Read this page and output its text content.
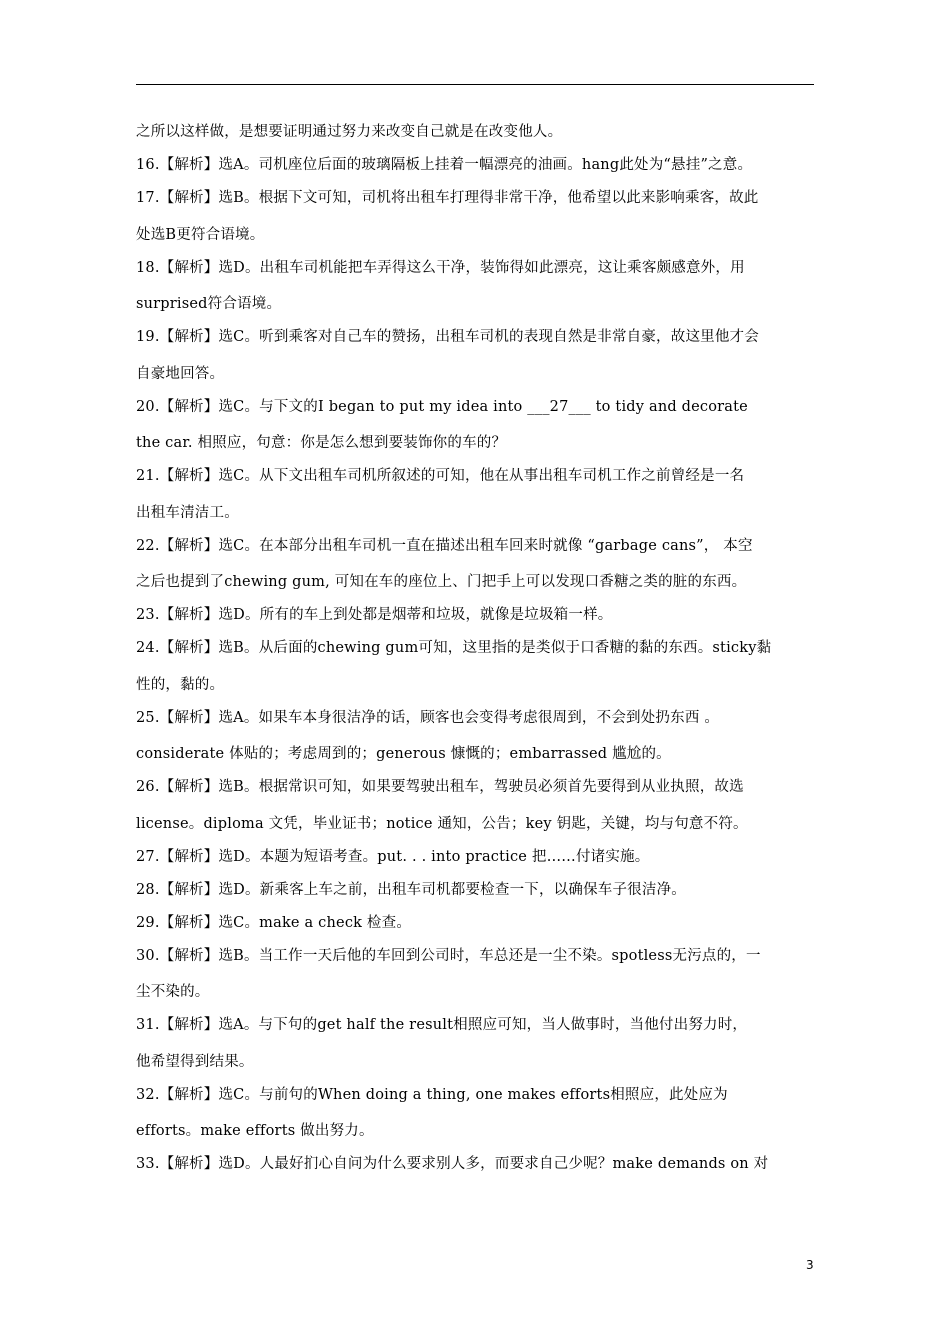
之所以这样做，是想要证明通过努力来改变自己就是在改变他人。
16.【解析】选A。司机座位后面的玻璃隔板上挂着一幅漂亮的油画。hang此处为“悬挂”之意。
17.【解析】选B。根据下文可知，司机将出租车打理得非常干净，他希望以此来影响乘客，故此
处选B更符合语境。
18.【解析】选D。出租车司机能把车弄得这么干净，装饰得如此漂亮，这让乘客颇感意外，用
surprised符合语境。
19.【解析】选C。听到乘客对自己车的赞扬，出租车司机的表现自然是非常自豪，故这里他才会
自豪地回答。
20.【解析】选C。与下文的I began to put my idea into ___27___ to tidy and decorate
the car. 相照应，句意：你是怎么想到要装饰你的车的？
21.【解析】选C。从下文出租车司机所叙述的可知，他在从事出租车司机工作之前曾经是一名
出租车清洁工。
22.【解析】选C。在本部分出租车司机一直在描述出租车回来时就像 “garbage cans”， 本空
之后也提到了chewing gum, 可知在车的座位上、门把手上可以发现口香糖之类的脏的东西。
23.【解析】选D。所有的车上到处都是烟蒂和垃圾，就像是垃圾箱一样。
24.【解析】选B。从后面的chewing gum可知，这里指的是类似于口香糖的黏的东西。sticky黏
性的，黏的。
25.【解析】选A。如果车本身很洁净的话，顾客也会变得考虑很周到，不会到处扔东西 。
considerate 体贴的；考虑周到的；generous 慷慨的；embarrassed 尴尬的。
26.【解析】选B。根据常识可知，如果要驾驶出租车，驾驶员必须首先要得到从业执照，故选
license。diploma 文凭，毕业证书；notice 通知，公告；key 钥匙，关键，均与句意不符。
27.【解析】选D。本题为短语考查。put. . . into practice 把……付诸实施。
28.【解析】选D。新乘客上车之前，出租车司机都要检查一下，以确保车子很洁净。
29.【解析】选C。make a check 检查。
30.【解析】选B。当工作一天后他的车回到公司时，车总还是一尘不染。spotless无污点的，一
尘不染的。
31.【解析】选A。与下句的get half the result相照应可知，当人做事时，当他付出努力时，
他希望得到结果。
32.【解析】选C。与前句的When doing a thing, one makes efforts相照应，此处应为
efforts。make efforts 做出努力。
33.【解析】选D。人最好扪心自问为什么要求别人多，而要求自己少呢？make demands on 对
3
